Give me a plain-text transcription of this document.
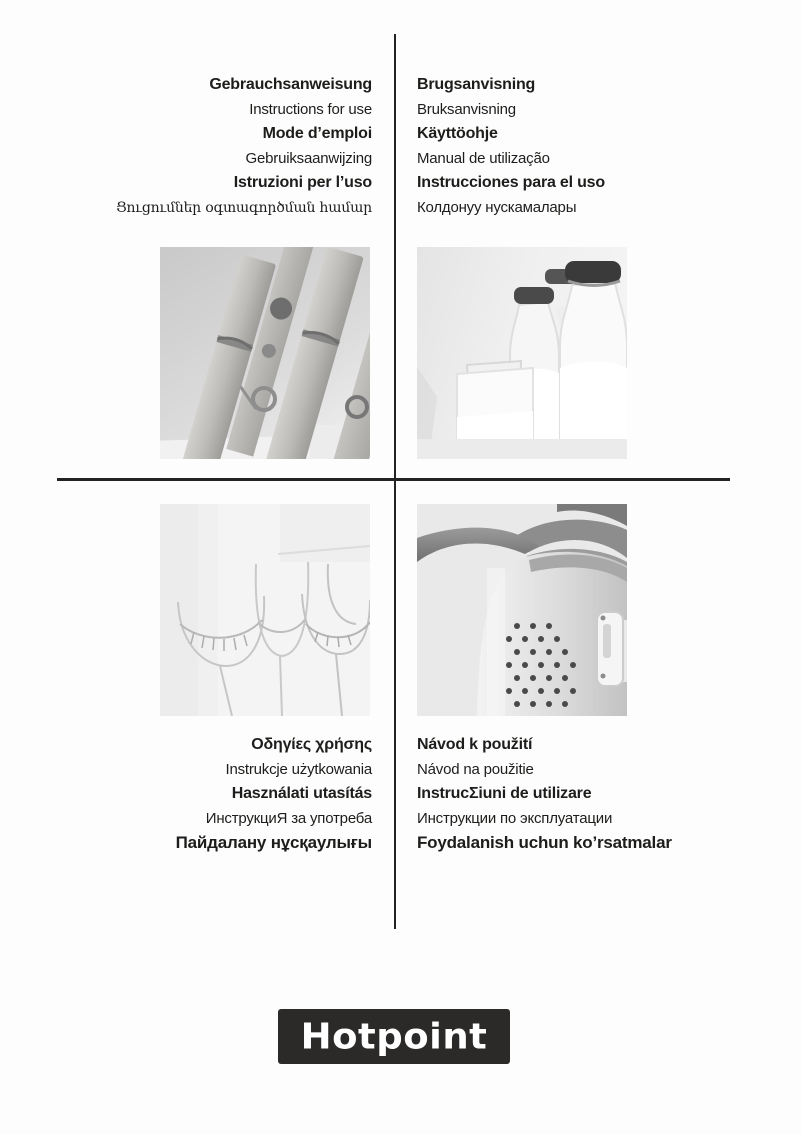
Gebrauchsanweisung
Instructions for use
Mode d’emploi
Gebruiksaanwijzing
Istruzioni per l’uso
Ցուցումներ օգտագործման համար
Brugsanvisning
Bruksanvisning
Käyttöohje
Manual de utilização
Instrucciones para el uso
Колдонуу нускамалары
Οδηγίες χρήσης
Instrukcje użytkowania
Használati utasítás
ИнструкциЯ за употреба
Пайдалану нұсқаулығы
Návod k použití
Návod na použitie
InstrucΣiuni de utilizare
Инструкции по эксплуатации
Foydalanish uchun ko’rsatmalar
Hotpoint
